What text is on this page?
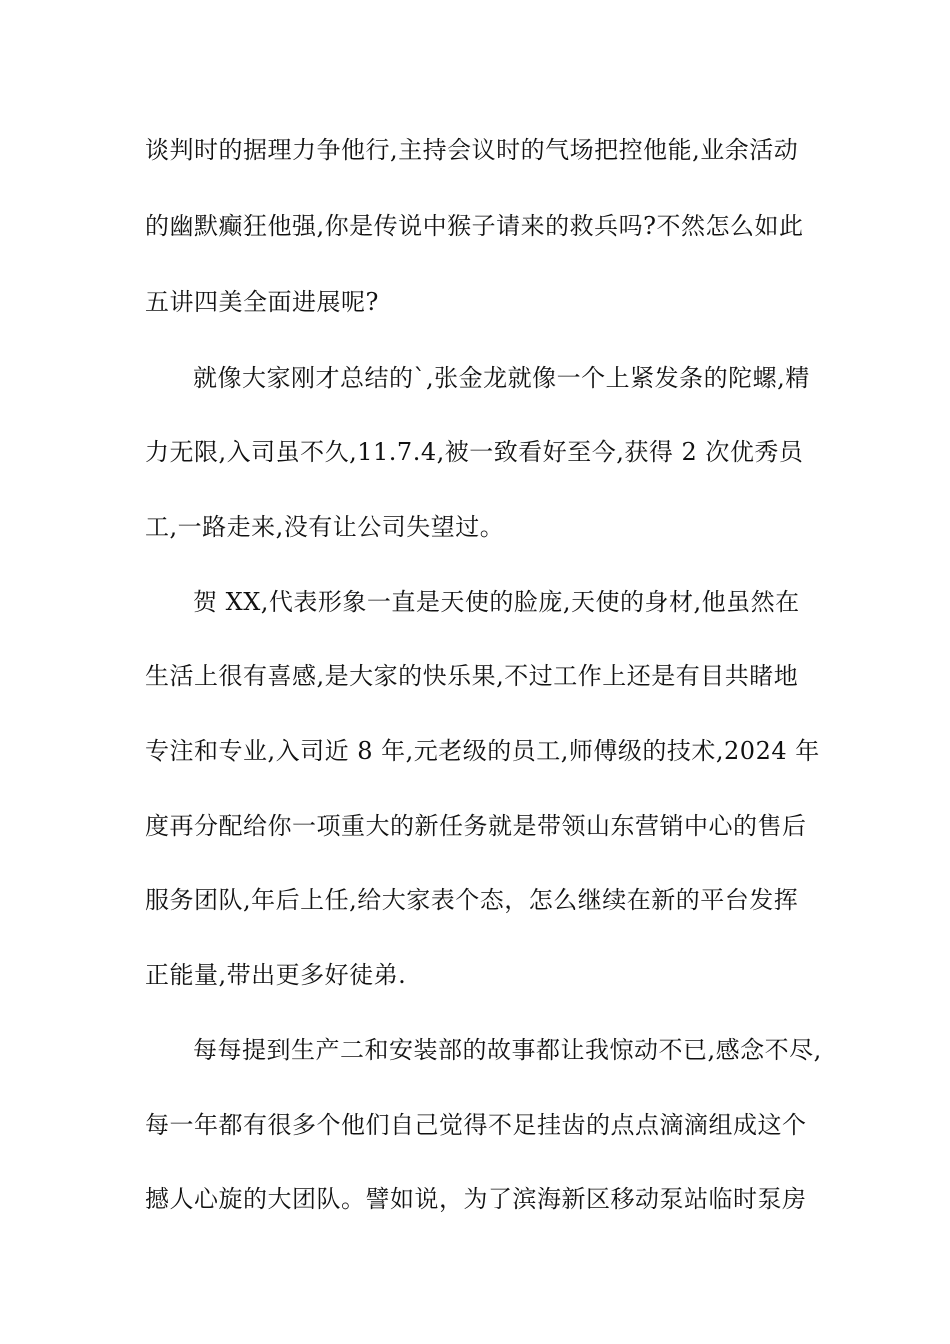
谈判时的据理力争他行,主持会议时的气场把控他能,业余活动

的幽默癫狂他强,你是传说中猴子请来的救兵吗?不然怎么如此

五讲四美全面进展呢?

就像大家刚才总结的`,张金龙就像一个上紧发条的陀螺,精

力无限,入司虽不久,11.7.4,被一致看好至今,获得 2 次优秀员

工,一路走来,没有让公司失望过。

贺 XX,代表形象一直是天使的脸庞,天使的身材,他虽然在

生活上很有喜感,是大家的快乐果,不过工作上还是有目共睹地

专注和专业,入司近 8 年,元老级的员工,师傅级的技术,2024 年

度再分配给你一项重大的新任务就是带领山东营销中心的售后

服务团队,年后上任,给大家表个态，怎么继续在新的平台发挥

正能量,带出更多好徒弟.

每每提到生产二和安装部的故事都让我惊动不已,感念不尽,

每一年都有很多个他们自己觉得不足挂齿的点点滴滴组成这个

撼人心旋的大团队。譬如说，为了滨海新区移动泵站临时泵房
